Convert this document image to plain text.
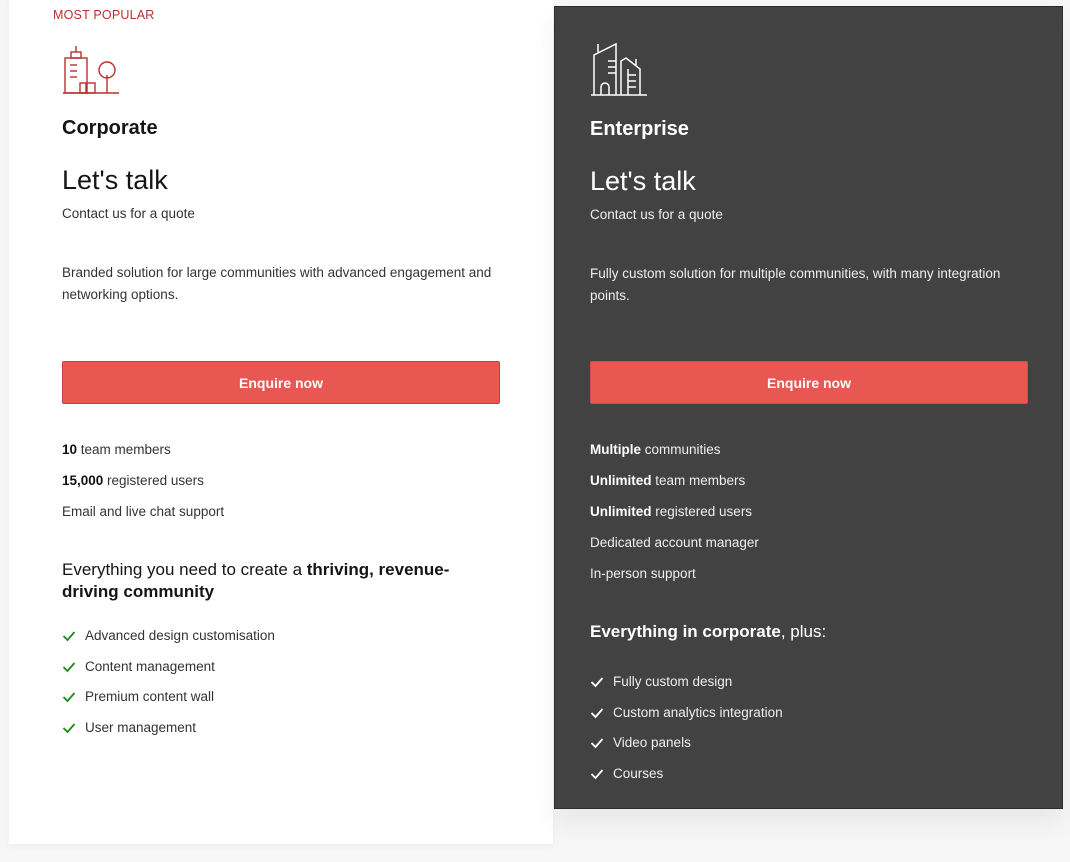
MOST POPULAR
Corporate
Let's talk
Contact us for a quote
Branded solution for large communities with advanced engagement and networking options.
Enquire now
10 team members
15,000 registered users
Email and live chat support
Everything you need to create a thriving, revenue-driving community
Advanced design customisation
Content management
Premium content wall
User management
Enterprise
Let's talk
Contact us for a quote
Fully custom solution for multiple communities, with many integration points.
Enquire now
Multiple communities
Unlimited team members
Unlimited registered users
Dedicated account manager
In-person support
Everything in corporate, plus:
Fully custom design
Custom analytics integration
Video panels
Courses
